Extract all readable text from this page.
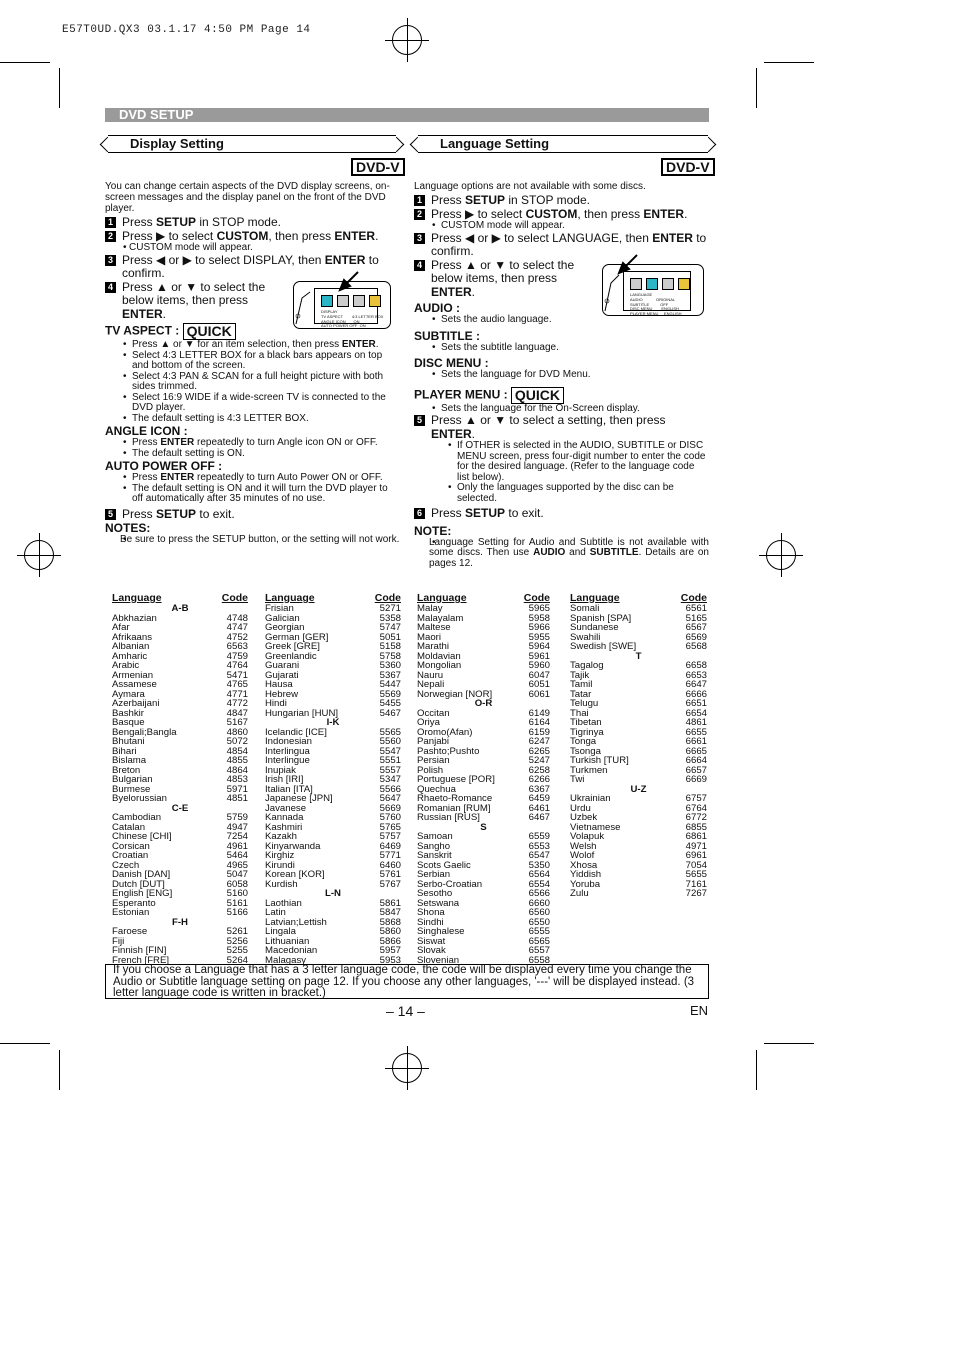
E57T0UD.QX3 03.1.17 4:50 PM Page 14
DVD SETUP
Display Setting
DVD-V
You can change certain aspects of the DVD display screens, on-screen messages and the display panel on the front of the DVD player.
1 Press SETUP in STOP mode.
2 Press ▶ to select CUSTOM, then press ENTER.
• CUSTOM mode will appear.
3 Press ◀ or ▶ to select DISPLAY, then ENTER to confirm.
4 Press ▲ or ▼ to select the below items, then press ENTER.
TV ASPECT : QUICK
• Press ▲ or ▼ for an item selection, then press ENTER.
• Select 4:3 LETTER BOX for a black bars appears on top and bottom of the screen.
• Select 4:3 PAN & SCAN for a full height picture with both sides trimmed.
• Select 16:9 WIDE if a wide-screen TV is connected to the DVD player.
• The default setting is 4:3 LETTER BOX.
ANGLE ICON :
• Press ENTER repeatedly to turn Angle icon ON or OFF.
• The default setting is ON.
AUTO POWER OFF :
• Press ENTER repeatedly to turn Auto Power ON or OFF.
• The default setting is ON and it will turn the DVD player to off automatically after 35 minutes of no use.
5 Press SETUP to exit.
NOTES:
• Be sure to press the SETUP button, or the setting will not work.
DISPLAY
TV ASPECT        4:3 LETTER BOX
ANGLE ICON       ON
AUTO POWER OFF  ON
Language Setting
DVD-V
Language options are not available with some discs.
1 Press SETUP in STOP mode.
2 Press ▶ to select CUSTOM, then press ENTER.
• CUSTOM mode will appear.
3 Press ◀ or ▶ to select LANGUAGE, then ENTER to confirm.
4 Press ▲ or ▼ to select the below items, then press ENTER.
AUDIO :
• Sets the audio language.
SUBTITLE :
• Sets the subtitle language.
DISC MENU :
• Sets the language for DVD Menu.
PLAYER MENU : QUICK
• Sets the language for the On-Screen display.
5 Press ▲ or ▼ to select a setting, then press ENTER.
• If OTHER is selected in the AUDIO, SUBTITLE or DISC MENU screen, press four-digit number to enter the code for the desired language. (Refer to the language code list below).
• Only the languages supported by the disc can be selected.
6 Press SETUP to exit.
NOTE:
• Language Setting for Audio and Subtitle is not available with some discs. Then use AUDIO and SUBTITLE. Details are on pages 12.
LANGUAGE
AUDIO            ORIGINAL
SUBTITLE          OFF
DISC MENU        ENGLISH
PLAYER MENU     ENGLISH
Language	Code
A-B	
Abkhazian	4748
Afar	4747
Afrikaans	4752
Albanian	6563
Amharic	4759
Arabic	4764
Armenian	5471
Assamese	4765
Aymara	4771
Azerbaijani	4772
Bashkir	4847
Basque	5167
Bengali;Bangla	4860
Bhutani	5072
Bihari	4854
Bislama	4855
Breton	4864
Bulgarian	4853
Burmese	5971
Byelorussian	4851
C-E	
Cambodian	5759
Catalan	4947
Chinese [CHI]	7254
Corsican	4961
Croatian	5464
Czech	4965
Danish [DAN]	5047
Dutch [DUT]	6058
English [ENG]	5160
Esperanto	5161
Estonian	5166
F-H	
Faroese	5261
Fiji	5256
Finnish [FIN]	5255
French [FRE]	5264
Language	Code
Frisian	5271
Galician	5358
Georgian	5747
German [GER]	5051
Greek [GRE]	5158
Greenlandic	5758
Guarani	5360
Gujarati	5367
Hausa	5447
Hebrew	5569
Hindi	5455
Hungarian [HUN]	5467
I-K	
Icelandic [ICE]	5565
Indonesian	5560
Interlingua	5547
Interlingue	5551
Inupiak	5557
Irish [IRI]	5347
Italian [ITA]	5566
Japanese [JPN]	5647
Javanese	5669
Kannada	5760
Kashmiri	5765
Kazakh	5757
Kinyarwanda	6469
Kirghiz	5771
Kirundi	6460
Korean [KOR]	5761
Kurdish	5767
L-N	
Laothian	5861
Latin	5847
Latvian;Lettish	5868
Lingala	5860
Lithuanian	5866
Macedonian	5957
Malagasy	5953
Language	Code
Malay	5965
Malayalam	5958
Maltese	5966
Maori	5955
Marathi	5964
Moldavian	5961
Mongolian	5960
Nauru	6047
Nepali	6051
Norwegian [NOR]	6061
O-R	
Occitan	6149
Oriya	6164
Oromo(Afan)	6159
Panjabi	6247
Pashto;Pushto	6265
Persian	5247
Polish	6258
Portuguese [POR]	6266
Quechua	6367
Rhaeto-Romance	6459
Romanian [RUM]	6461
Russian [RUS]	6467
S	
Samoan	6559
Sangho	6553
Sanskrit	6547
Scots Gaelic	5350
Serbian	6564
Serbo-Croatian	6554
Sesotho	6566
Setswana	6660
Shona	6560
Sindhi	6550
Singhalese	6555
Siswat	6565
Slovak	6557
Slovenian	6558
Language	Code
Somali	6561
Spanish [SPA]	5165
Sundanese	6567
Swahili	6569
Swedish [SWE]	6568
T	
Tagalog	6658
Tajik	6653
Tamil	6647
Tatar	6666
Telugu	6651
Thai	6654
Tibetan	4861
Tigrinya	6655
Tonga	6661
Tsonga	6665
Turkish [TUR]	6664
Turkmen	6657
Twi	6669
U-Z	
Ukrainian	6757
Urdu	6764
Uzbek	6772
Vietnamese	6855
Volapuk	6861
Welsh	4971
Wolof	6961
Xhosa	7054
Yiddish	5655
Yoruba	7161
Zulu	7267
If you choose a Language that has a 3 letter language code, the code will be displayed every time you change the Audio or Subtitle language setting on page 12. If you choose any other languages, '---' will be displayed instead. (3 letter language code is written in bracket.)
– 14 –	EN
